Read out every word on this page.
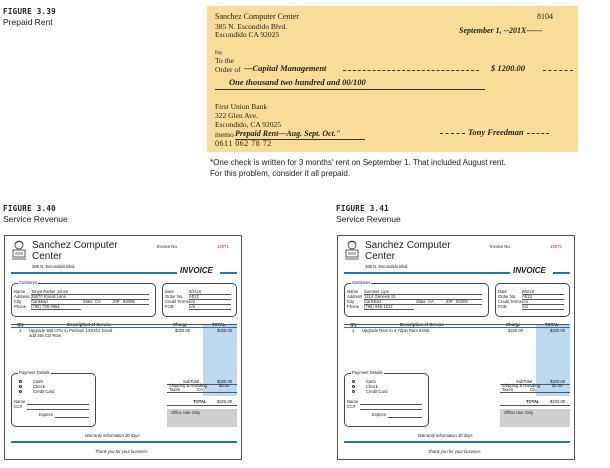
FIGURE 3.39
Prepaid Rent
Sanchez Computer Center
385 N. Escondido Blvd.
Escondido CA 92025
8104
September 1, --201X------
Pay
To the
Order of —Capital Management	$ 1200.00
One thousand two hundred and 00/100
First Union Bank
322 Glen Ave.
Escondido, CA 92025
memo Prepaid Rent—Aug. Sept. Oct."	Tony Freedman
0611 062 78 72
*One check is written for 3 months' rent on September 1. That included August rent.
For this problem, consider it all prepaid.
FIGURE 3.40
Service Revenue
FIGURE 3.41
Service Revenue
Sanchez Computer
Center
385 N. Escondido Blvd.
Invoice No.	12671
INVOICE
Customer
Name Tonya Parker Jones
Address 25670 Roxali Lane
City Carlsbad	State CA	ZIP 92008
Phone (760) 736-2954
Date	9/2/1X
Order No. A512
Credit Terms n/a
FOB	n/a
Qty	Description of Service	Charge	TOTAL
1 Upgrade 386 CPU to Pentium 133mhz board
add 16x CD-Rom
$325.00	$325.00
Payment Details
Cash
Check
Credit Card
Name
CC#
Expires
SubTotal	$325.00
Shipping & Handling	$0.00
Taxes	CA
TOTAL $325.00
Office Use Only
Warranty information 30 days
Thank you for your business
Sanchez Computer
Center
385 N. Escondido Blvd.
Invoice No.	12672
INVOICE
Customer
Name Summer Lipe
Address 1414 Genesis St.
City Carlsbad	State CA	ZIP 92008
Phone (760) 945-1212
Date	9/6/1X
Order No. A513
Credit Terms n/a
FOB	n/a
Qty	Description of Service	Charge	TOTAL
1 Upgrade Ram to 4-72pin Ram 64mb	$220.00	$220.00
Payment Details
Cash
Check
Credit Card
Name
CC#
Expires
SubTotal	$220.00
Shipping & Handling	$0.00
Taxes	CA
TOTAL $220.00
Office Use Only
Warranty information 30 days
Thank you for your business
